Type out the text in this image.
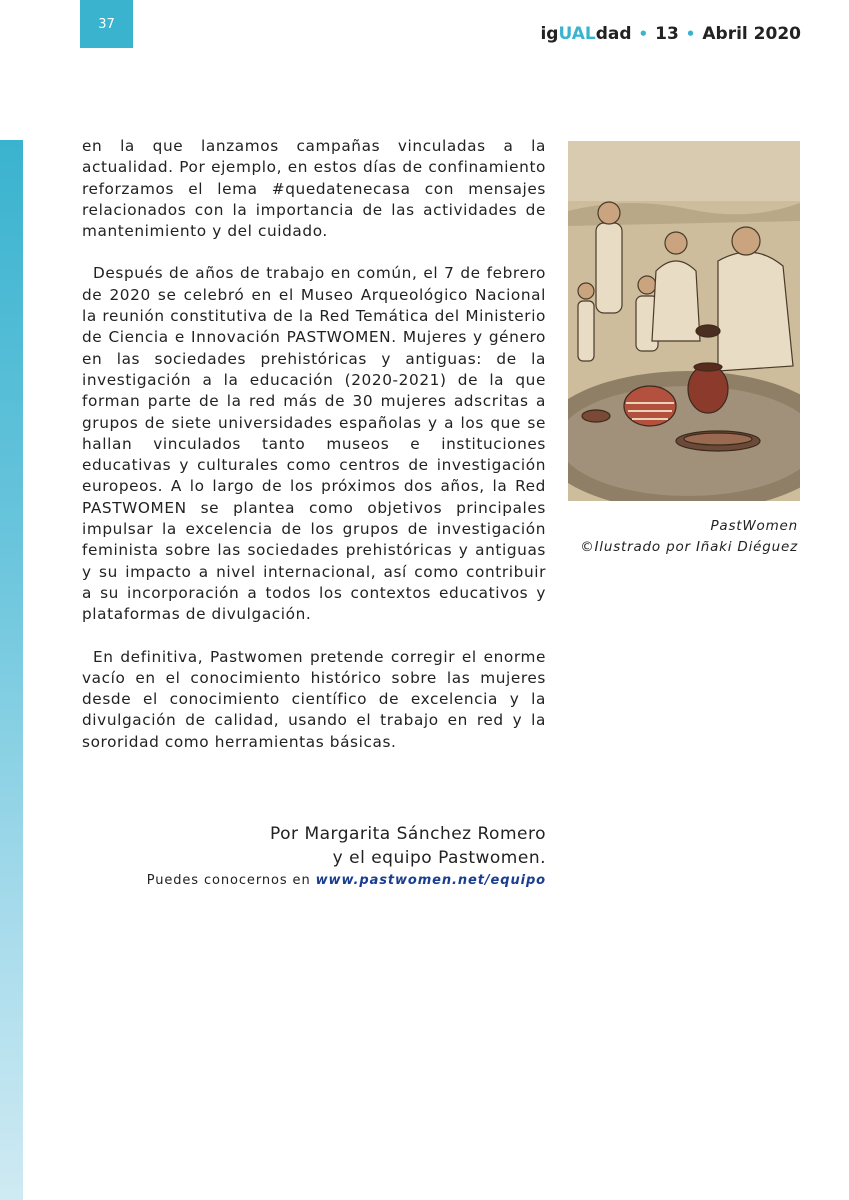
37	igUALdad • 13 • Abril 2020

en la que lanzamos campañas vinculadas a la actualidad. Por ejemplo, en estos días de confinamiento reforzamos el lema #quedatenecasa con mensajes relacionados con la importancia de las actividades de mantenimiento y del cuidado.

Después de años de trabajo en común, el 7 de febrero de 2020 se celebró en el Museo Arqueológico Nacional la reunión constitutiva de la Red Temática del Ministerio de Ciencia e Innovación PASTWOMEN. Mujeres y género en las sociedades prehistóricas y antiguas: de la investigación a la educación (2020-2021) de la que forman parte de la red más de 30 mujeres adscritas a grupos de siete universidades españolas y a los que se hallan vinculados tanto museos e instituciones educativas y culturales como centros de investigación europeos. A lo largo de los próximos dos años, la Red PASTWOMEN se plantea como objetivos principales impulsar la excelencia de los grupos de investigación feminista sobre las sociedades prehistóricas y antiguas y su impacto a nivel internacional, así como contribuir a su incorporación a todos los contextos educativos y plataformas de divulgación.

En definitiva, Pastwomen pretende corregir el enorme vacío en el conocimiento histórico sobre las mujeres desde el conocimiento científico de excelencia y la divulgación de calidad, usando el trabajo en red y la sororidad como herramientas básicas.

PastWomen
©Ilustrado por Iñaki Diéguez
Por Margarita Sánchez Romero
y el equipo Pastwomen.
Puedes conocernos en www.pastwomen.net/equipo
